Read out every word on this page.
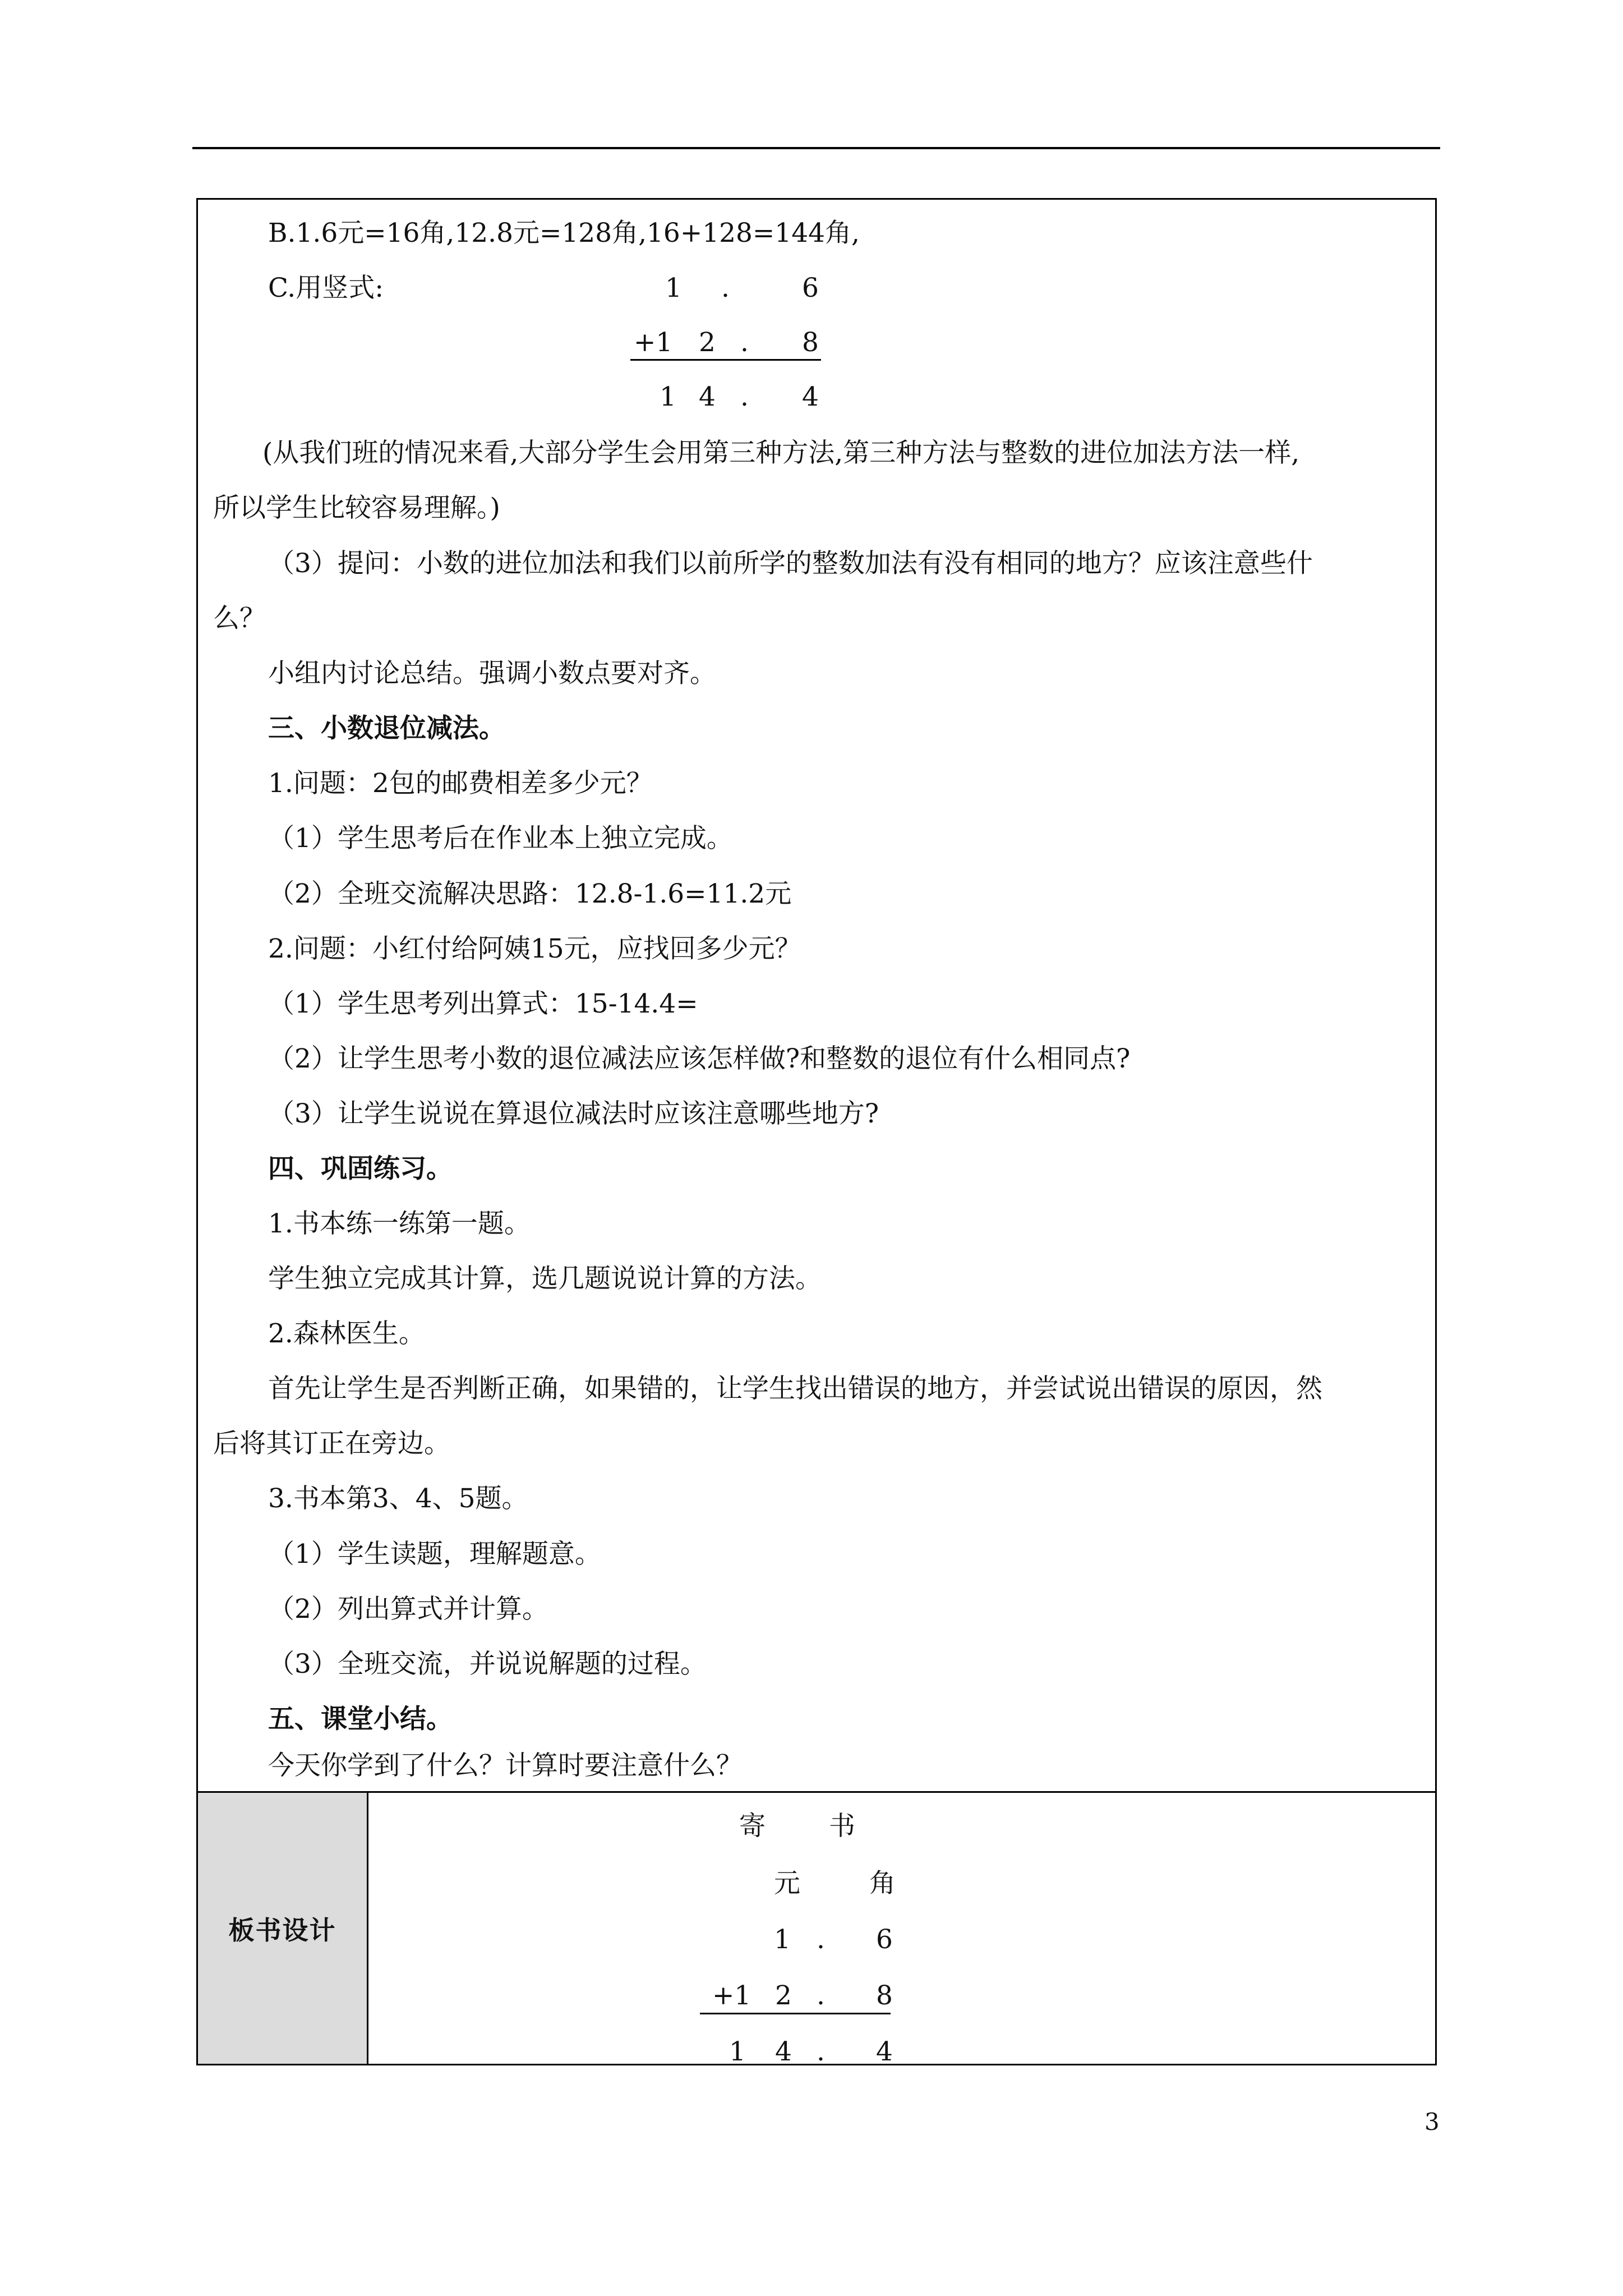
B.1.6元=16角,12.8元=128角,16+128=144角,
C.用竖式:	1 .	6
+1 2 . 8
1 4 . 4
(从我们班的情况来看,大部分学生会用第三种方法,第三种方法与整数的进位加法方法一样,
所以学生比较容易理解。)
（3）提问：小数的进位加法和我们以前所学的整数加法有没有相同的地方？应该注意些什
么？
小组内讨论总结。强调小数点要对齐。
三、小数退位减法。
1.问题：2包的邮费相差多少元？
（1）学生思考后在作业本上独立完成。
（2）全班交流解决思路：12.8-1.6=11.2元
2.问题：小红付给阿姨15元，应找回多少元？
（1）学生思考列出算式：15-14.4=
（2）让学生思考小数的退位减法应该怎样做?和整数的退位有什么相同点?
（3）让学生说说在算退位减法时应该注意哪些地方?
四、巩固练习。
1.书本练一练第一题。
学生独立完成其计算，选几题说说计算的方法。
2.森林医生。
首先让学生是否判断正确，如果错的，让学生找出错误的地方，并尝试说出错误的原因，然
后将其订正在旁边。
3.书本第3、4、5题。
（1）学生读题，理解题意。
（2）列出算式并计算。
（3）全班交流，并说说解题的过程。
五、课堂小结。
今天你学到了什么？计算时要注意什么？
板书设计
寄 书
元	角
1 . 6
+1 2 . 8
1 4 . 4
3
